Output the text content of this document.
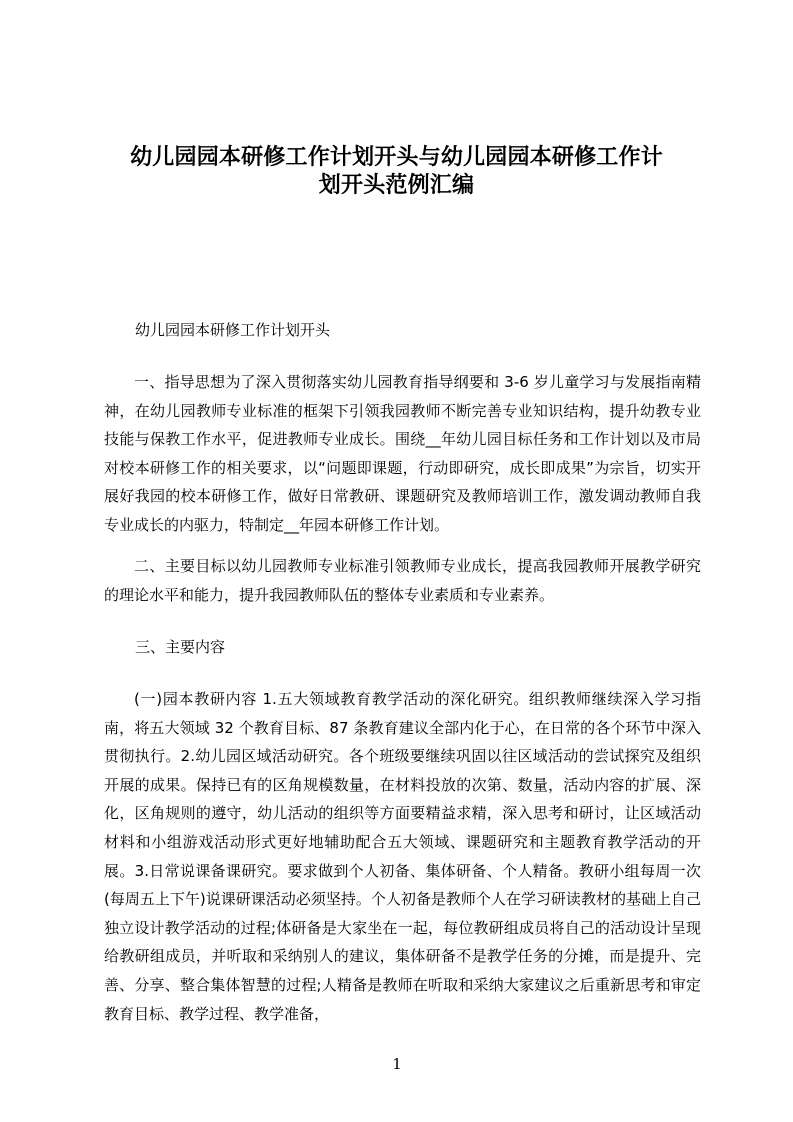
幼儿园园本研修工作计划开头与幼儿园园本研修工作计
划开头范例汇编
幼儿园园本研修工作计划开头
一、指导思想为了深入贯彻落实幼儿园教育指导纲要和 3-6 岁儿童学习与发展指南精神，在幼儿园教师专业标准的框架下引领我园教师不断完善专业知识结构，提升幼教专业技能与保教工作水平，促进教师专业成长。围绕__年幼儿园目标任务和工作计划以及市局对校本研修工作的相关要求，以“问题即课题，行动即研究，成长即成果”为宗旨，切实开展好我园的校本研修工作，做好日常教研、课题研究及教师培训工作，激发调动教师自我专业成长的内驱力，特制定__年园本研修工作计划。
二、主要目标以幼儿园教师专业标准引领教师专业成长，提高我园教师开展教学研究的理论水平和能力，提升我园教师队伍的整体专业素质和专业素养。
三、主要内容
(一)园本教研内容 1.五大领域教育教学活动的深化研究。组织教师继续深入学习指南，将五大领域 32 个教育目标、87 条教育建议全部内化于心，在日常的各个环节中深入贯彻执行。2.幼儿园区域活动研究。各个班级要继续巩固以往区域活动的尝试探究及组织开展的成果。保持已有的区角规模数量，在材料投放的次第、数量，活动内容的扩展、深化，区角规则的遵守，幼儿活动的组织等方面要精益求精，深入思考和研讨，让区域活动材料和小组游戏活动形式更好地辅助配合五大领域、课题研究和主题教育教学活动的开展。3.日常说课备课研究。要求做到个人初备、集体研备、个人精备。教研小组每周一次(每周五上下午)说课研课活动必须坚持。个人初备是教师个人在学习研读教材的基础上自己独立设计教学活动的过程;体研备是大家坐在一起，每位教研组成员将自己的活动设计呈现给教研组成员，并听取和采纳别人的建议，集体研备不是教学任务的分摊，而是提升、完善、分享、整合集体智慧的过程;人精备是教师在听取和采纳大家建议之后重新思考和审定教育目标、教学过程、教学准备，
1
